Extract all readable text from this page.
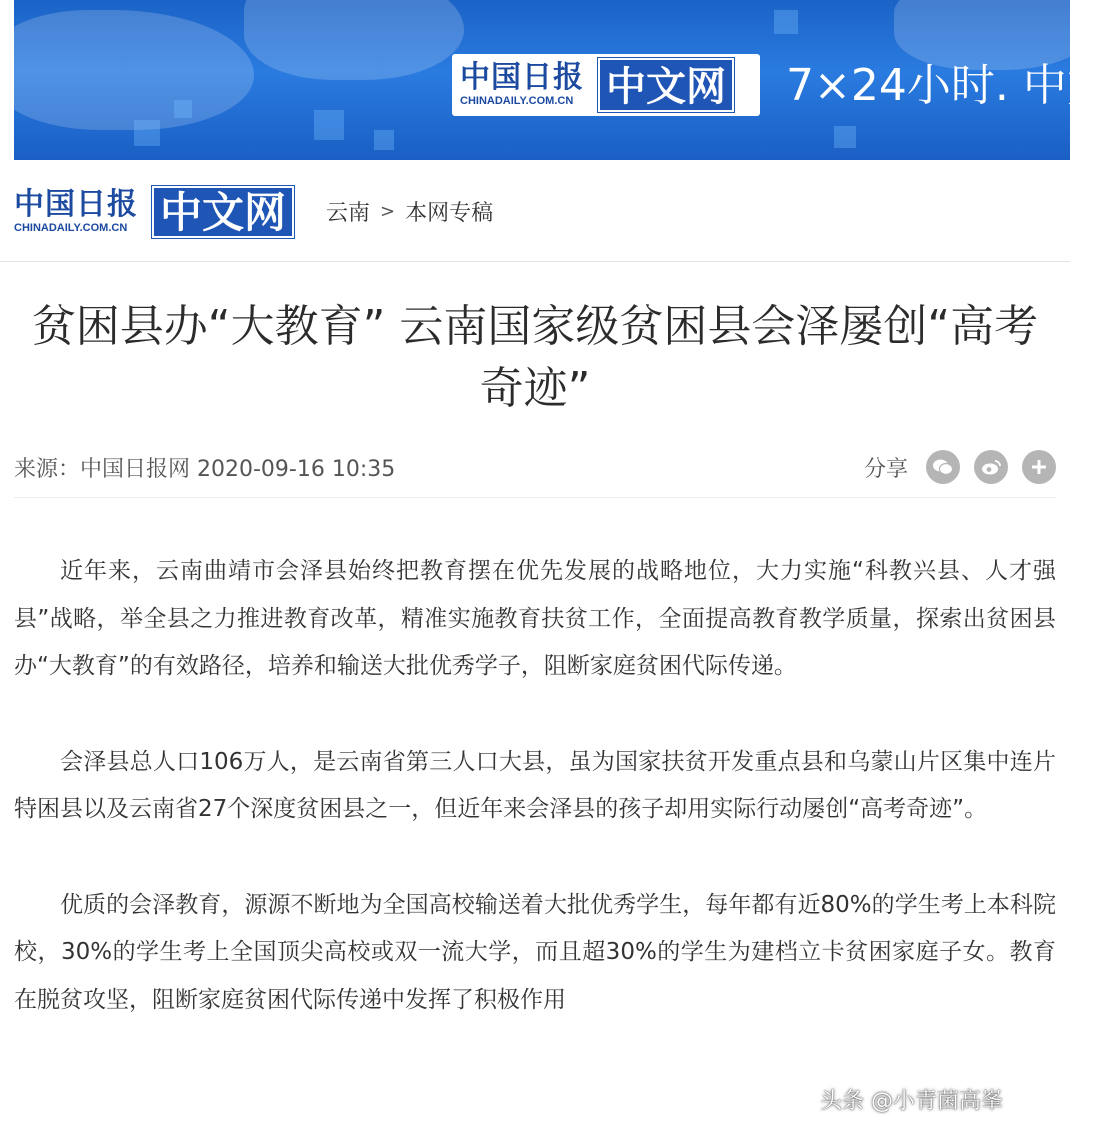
中国日报
CHINADAILY.COM.CN 中文网 7×24小时. 中文
中国日报
CHINADAILY.COM.CN 中文网	云南 > 本网专稿
贫困县办“大教育” 云南国家级贫困县会泽屡创“高考奇迹”
来源：中国日报网 2020-09-16 10:35	分享

近年来，云南曲靖市会泽县始终把教育摆在优先发展的战略地位，大力实施“科教兴县、人才强县”战略，举全县之力推进教育改革，精准实施教育扶贫工作，全面提高教育教学质量，探索出贫困县办“大教育”的有效路径，培养和输送大批优秀学子，阻断家庭贫困代际传递。

会泽县总人口106万人，是云南省第三人口大县，虽为国家扶贫开发重点县和乌蒙山片区集中连片特困县以及云南省27个深度贫困县之一，但近年来会泽县的孩子却用实际行动屡创“高考奇迹”。

优质的会泽教育，源源不断地为全国高校输送着大批优秀学生，每年都有近80%的学生考上本科院校，30%的学生考上全国顶尖高校或双一流大学，而且超30%的学生为建档立卡贫困家庭子女。教育在脱贫攻坚，阻断家庭贫困代际传递中发挥了积极作用

头条 @小青菌高峯
